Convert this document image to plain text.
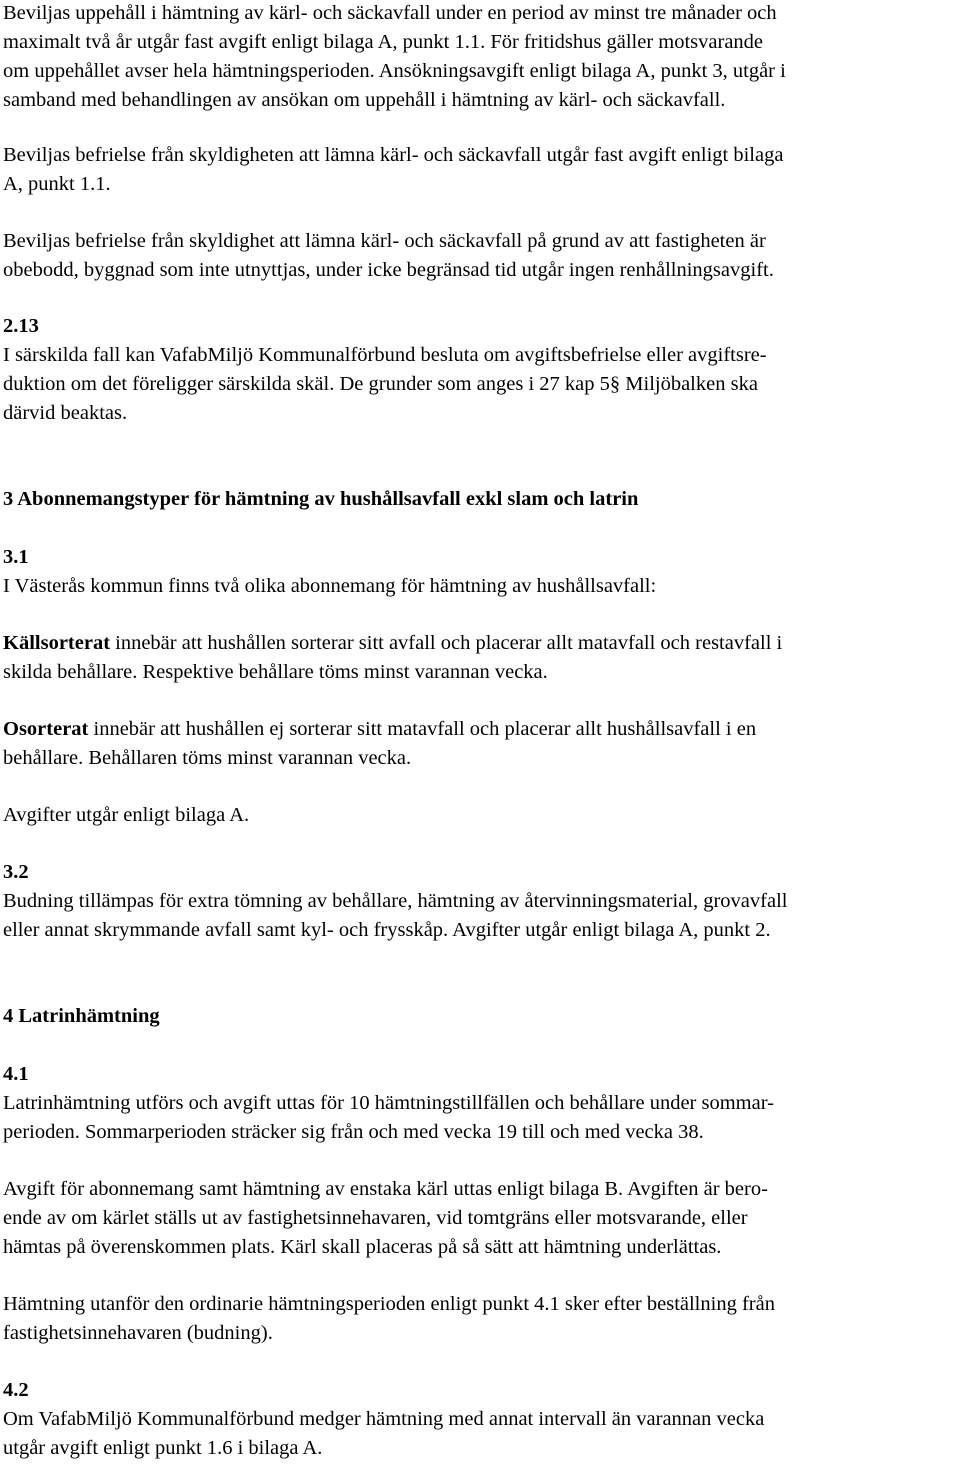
Beviljas uppehåll i hämtning av kärl- och säckavfall under en period av minst tre månader och
maximalt två år utgår fast avgift enligt bilaga A, punkt 1.1. För fritidshus gäller motsvarande
om uppehållet avser hela hämtningsperioden. Ansökningsavgift enligt bilaga A, punkt 3, utgår i
samband med behandlingen av ansökan om uppehåll i hämtning av kärl- och säckavfall.

Beviljas befrielse från skyldigheten att lämna kärl- och säckavfall utgår fast avgift enligt bilaga
A, punkt 1.1.

Beviljas befrielse från skyldighet att lämna kärl- och säckavfall på grund av att fastigheten är
obebodd, byggnad som inte utnyttjas, under icke begränsad tid utgår ingen renhållningsavgift.

2.13
I särskilda fall kan VafabMiljö Kommunalförbund besluta om avgiftsbefrielse eller avgiftsre-
duktion om det föreligger särskilda skäl. De grunder som anges i 27 kap 5§ Miljöbalken ska
därvid beaktas.
3 Abonnemangstyper för hämtning av hushållsavfall exkl slam och latrin
3.1
I Västerås kommun finns två olika abonnemang för hämtning av hushållsavfall:

Källsorterat innebär att hushållen sorterar sitt avfall och placerar allt matavfall och restavfall i
skilda behållare. Respektive behållare töms minst varannan vecka.

Osorterat innebär att hushållen ej sorterar sitt matavfall och placerar allt hushållsavfall i en
behållare. Behållaren töms minst varannan vecka.

Avgifter utgår enligt bilaga A.

3.2
Budning tillämpas för extra tömning av behållare, hämtning av återvinningsmaterial, grovavfall
eller annat skrymmande avfall samt kyl- och frysskåp. Avgifter utgår enligt bilaga A, punkt 2.
4 Latrinhämtning
4.1
Latrinhämtning utförs och avgift uttas för 10 hämtningstillfällen och behållare under sommar-
perioden. Sommarperioden sträcker sig från och med vecka 19 till och med vecka 38.

Avgift för abonnemang samt hämtning av enstaka kärl uttas enligt bilaga B. Avgiften är bero-
ende av om kärlet ställs ut av fastighetsinnehavaren, vid tomtgräns eller motsvarande, eller
hämtas på överenskommen plats. Kärl skall placeras på så sätt att hämtning underlättas.

Hämtning utanför den ordinarie hämtningsperioden enligt punkt 4.1 sker efter beställning från
fastighetsinnehavaren (budning).

4.2
Om VafabMiljö Kommunalförbund medger hämtning med annat intervall än varannan vecka
utgår avgift enligt punkt 1.6 i bilaga A.
